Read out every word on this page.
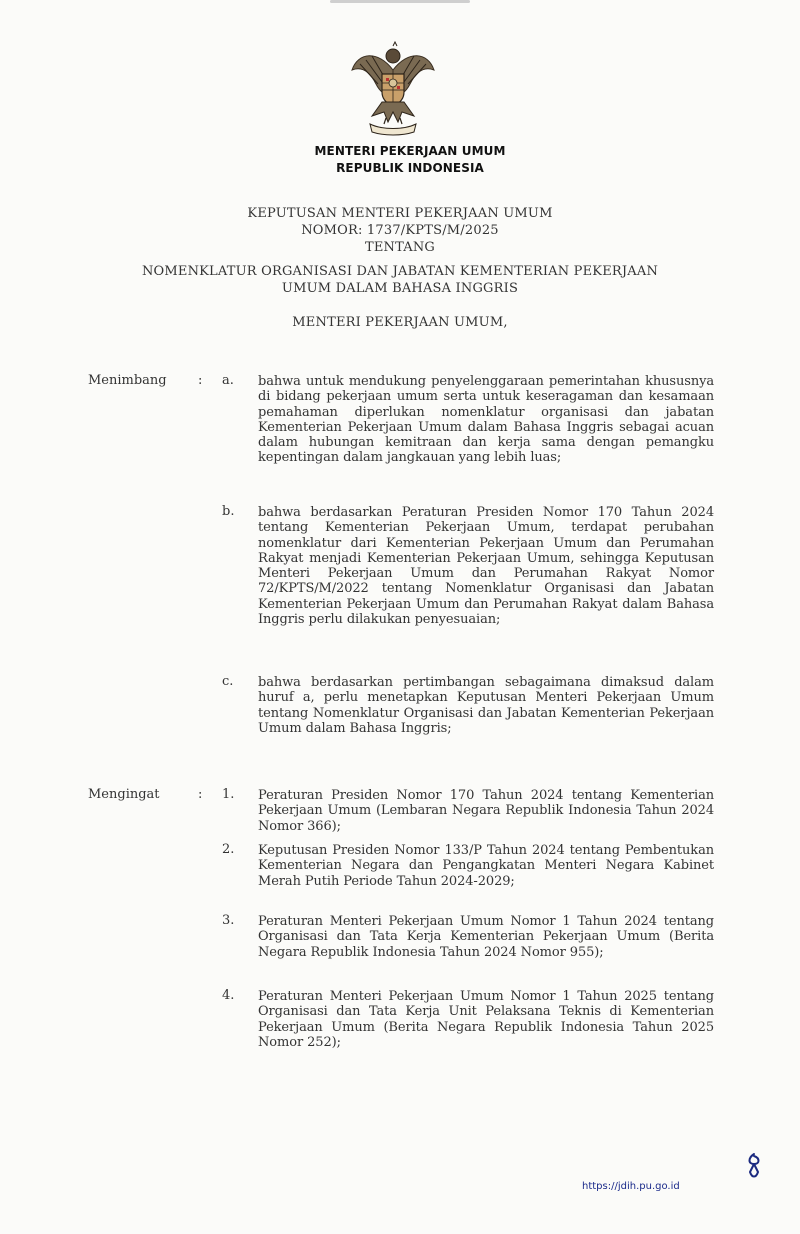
MENTERI PEKERJAAN UMUM
REPUBLIK INDONESIA
KEPUTUSAN MENTERI PEKERJAAN UMUM
NOMOR: 1737/KPTS/M/2025
TENTANG
NOMENKLATUR ORGANISASI DAN JABATAN KEMENTERIAN PEKERJAAN
UMUM DALAM BAHASA INGGRIS
MENTERI PEKERJAAN UMUM,
Menimbang : a. bahwa untuk mendukung penyelenggaraan pemerintahan khususnya di bidang pekerjaan umum serta untuk keseragaman dan kesamaan pemahaman diperlukan nomenklatur organisasi dan jabatan Kementerian Pekerjaan Umum dalam Bahasa Inggris sebagai acuan dalam hubungan kemitraan dan kerja sama dengan pemangku kepentingan dalam jangkauan yang lebih luas;

b. bahwa berdasarkan Peraturan Presiden Nomor 170 Tahun 2024 tentang Kementerian Pekerjaan Umum, terdapat perubahan nomenklatur dari Kementerian Pekerjaan Umum dan Perumahan Rakyat menjadi Kementerian Pekerjaan Umum, sehingga Keputusan Menteri Pekerjaan Umum dan Perumahan Rakyat Nomor 72/KPTS/M/2022 tentang Nomenklatur Organisasi dan Jabatan Kementerian Pekerjaan Umum dan Perumahan Rakyat dalam Bahasa Inggris perlu dilakukan penyesuaian;

c. bahwa berdasarkan pertimbangan sebagaimana dimaksud dalam huruf a, perlu menetapkan Keputusan Menteri Pekerjaan Umum tentang Nomenklatur Organisasi dan Jabatan Kementerian Pekerjaan Umum dalam Bahasa Inggris;

Mengingat	: 1. Peraturan Presiden Nomor 170 Tahun 2024 tentang Kementerian Pekerjaan Umum (Lembaran Negara Republik Indonesia Tahun 2024 Nomor 366);

2. Keputusan Presiden Nomor 133/P Tahun 2024 tentang Pembentukan Kementerian Negara dan Pengangkatan Menteri Negara Kabinet Merah Putih Periode Tahun 2024-2029;

3. Peraturan Menteri Pekerjaan Umum Nomor 1 Tahun 2024 tentang Organisasi dan Tata Kerja Kementerian Pekerjaan Umum (Berita Negara Republik Indonesia Tahun 2024 Nomor 955);

4. Peraturan Menteri Pekerjaan Umum Nomor 1 Tahun 2025 tentang Organisasi dan Tata Kerja Unit Pelaksana Teknis di Kementerian Pekerjaan Umum (Berita Negara Republik Indonesia Tahun 2025 Nomor 252);

https://jdih.pu.go.id
